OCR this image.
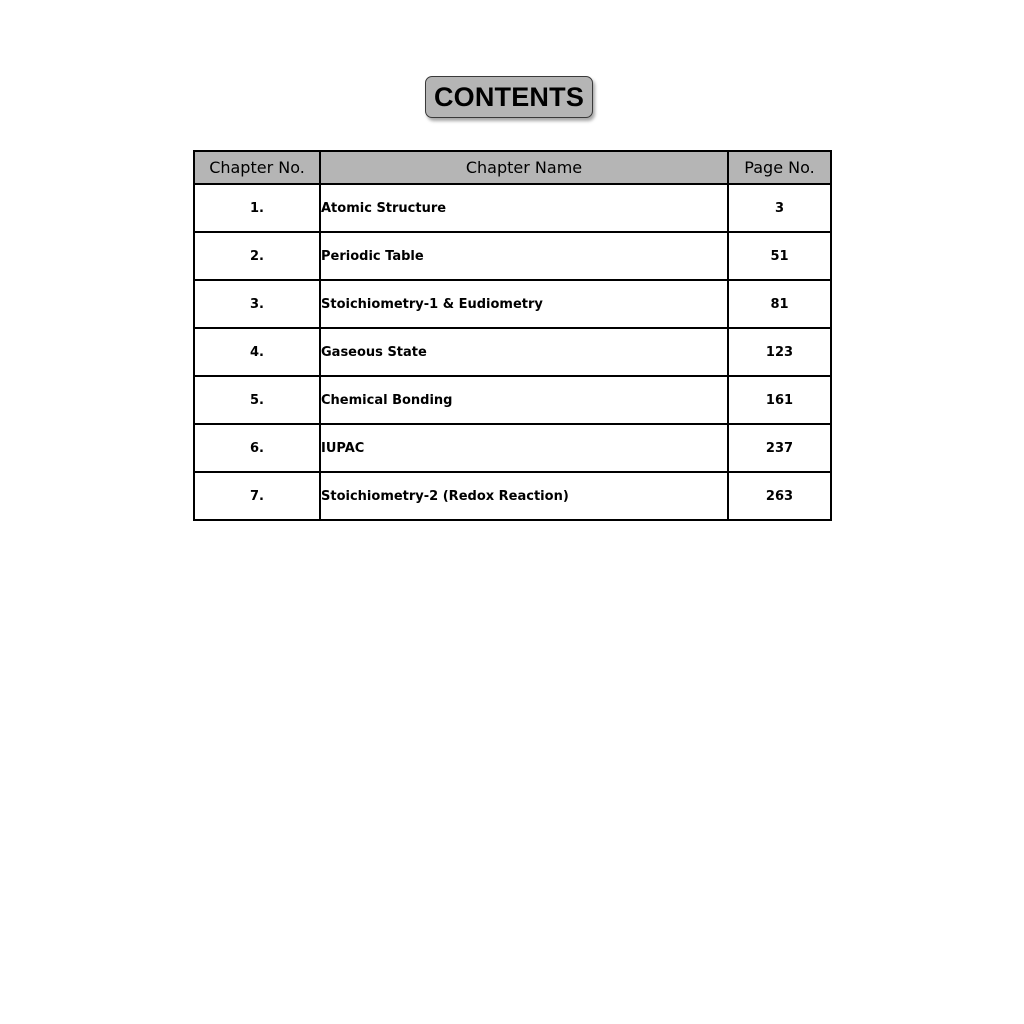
CONTENTS
Chapter No.	Chapter Name	Page No.
1.	Atomic Structure	3
2.	Periodic Table	51
3.	Stoichiometry-1 & Eudiometry	81
4.	Gaseous State	123
5.	Chemical Bonding	161
6.	IUPAC	237
7.	Stoichiometry-2 (Redox Reaction)	263
